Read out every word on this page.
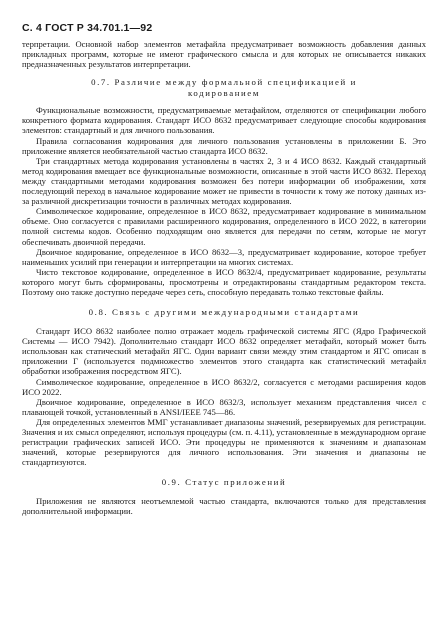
С. 4 ГОСТ Р 34.701.1—92

терпретации. Основной набор элементов метафайла предусматривает возможность добавления данных прикладных программ, которые не имеют графического смысла и для которых не описывается никаких предназначенных результатов интерпретации.

0.7. Различие между формальной спецификацией и
кодированием

Функциональные возможности, предусматриваемые метафайлом, отделяются от спецификации любого конкретного формата кодирования. Стандарт ИСО 8632 предусматривает следующие способы кодирования элементов: стандартный и для личного пользования.

Правила согласования кодирования для личного пользования установлены в приложении Б. Это приложение является необязательной частью стандарта ИСО 8632.

Три стандартных метода кодирования установлены в частях 2, 3 и 4 ИСО 8632. Каждый стандартный метод кодирования вмещает все функциональные возможности, описанные в этой части ИСО 8632. Переход между стандартными методами кодирования возможен без потери информации об изображении, хотя последующий переход в начальное кодирование может не привести в точности к тому же потоку данных из-за различной дискретизации точности в различных методах кодирования.

Символическое кодирование, определенное в ИСО 8632, предусматривает кодирование в минимальном объеме. Оно согласуется с правилами расширенного кодирования, определенного в ИСО 2022, в категории полной системы кодов. Особенно подходящим оно является для передачи по сетям, которые не могут обеспечивать двоичной передачи.

Двоичное кодирование, определенное в ИСО 8632—3, предусматривает кодирование, которое требует наименьших усилий при генерации и интерпретации на многих системах.

Чисто текстовое кодирование, определенное в ИСО 8632/4, предусматривает кодирование, результаты которого могут быть сформированы, просмотрены и отредактированы стандартным редактором текста. Поэтому оно также доступно передаче через сеть, способную передавать только текстовые файлы.

0.8. Связь с другими международными стандартами

Стандарт ИСО 8632 наиболее полно отражает модель графической системы ЯГС (Ядро Графической Системы — ИСО 7942). Дополнительно стандарт ИСО 8632 определяет метафайл, который может быть использован как статический метафайл ЯГС. Один вариант связи между этим стандартом и ЯГС описан в приложении Г (используется подмножество элементов этого стандарта как статистический метафайл обработки изображения посредством ЯГС).

Символическое кодирование, определенное в ИСО 8632/2, согласуется с методами расширения кодов ИСО 2022.

Двоичное кодирование, определенное в ИСО 8632/3, использует механизм представления чисел с плавающей точкой, установленный в ANSI/IEEE 745—86.

Для определенных элементов ММГ устанавливает диапазоны значений, резервируемых для регистрации. Значения и их смысл определяют, используя процедуры (см. п. 4.11), установленные в международном органе регистрации графических записей ИСО. Эти процедуры не применяются к значениям и диапазонам значений, которые резервируются для личного использования. Эти значения и диапазоны не стандартизуются.

0.9. Статус приложений

Приложения не являются неотъемлемой частью стандарта, включаются только для представления дополнительной информации.
